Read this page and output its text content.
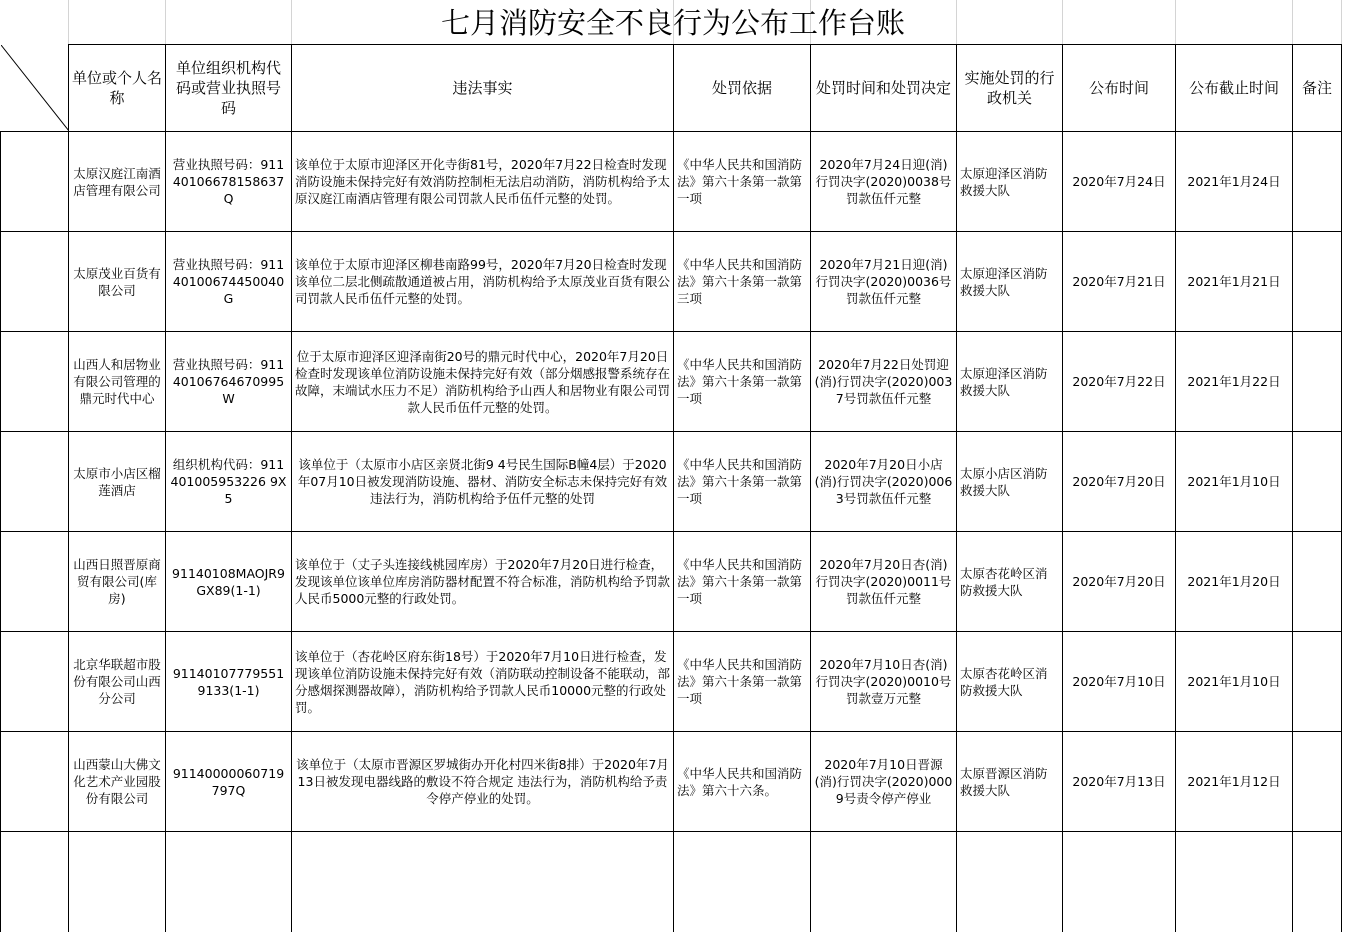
七月消防安全不良行为公布工作台账
	单位或个人名称	单位组织机构代码或营业执照号码	违法事实	处罚依据	处罚时间和处罚决定	实施处罚的行政机关	公布时间	公布截止时间	备注
	太原汉庭江南酒店管理有限公司	营业执照号码：91140106678158637Q	该单位于太原市迎泽区开化寺街81号，2020年7月22日检查时发现消防设施未保持完好有效消防控制柜无法启动消防，消防机构给予太原汉庭江南酒店管理有限公司罚款人民币伍仟元整的处罚。	《中华人民共和国消防法》第六十条第一款第一项	2020年7月24日迎(消)行罚决字(2020)0038号罚款伍仟元整	太原迎泽区消防救援大队	2020年7月24日	2021年1月24日	
	太原茂业百货有限公司	营业执照号码：91140100674450040G	该单位于太原市迎泽区柳巷南路99号，2020年7月20日检查时发现该单位二层北侧疏散通道被占用，消防机构给予太原茂业百货有限公司罚款人民币伍仟元整的处罚。	《中华人民共和国消防法》第六十条第一款第三项	2020年7月21日迎(消)行罚决字(2020)0036号罚款伍仟元整	太原迎泽区消防救援大队	2020年7月21日	2021年1月21日	
	山西人和居物业有限公司管理的鼎元时代中心	营业执照号码：91140106764670995W	位于太原市迎泽区迎泽南街20号的鼎元时代中心，2020年7月20日检查时发现该单位消防设施未保持完好有效（部分烟感报警系统存在故障，末端试水压力不足）消防机构给予山西人和居物业有限公司罚款人民币伍仟元整的处罚。	《中华人民共和国消防法》第六十条第一款第一项	2020年7月22日处罚迎(消)行罚决字(2020)0037号罚款伍仟元整	太原迎泽区消防救援大队	2020年7月22日	2021年1月22日	
	太原市小店区榴莲酒店	组织机构代码：911401005953226 9X5	该单位于（太原市小店区亲贤北街9 4号民生国际B幢4层）于2020年07月10日被发现消防设施、器材、消防安全标志未保持完好有效违法行为，消防机构给予伍仟元整的处罚	《中华人民共和国消防法》第六十条第一款第一项	2020年7月20日小店(消)行罚决字(2020)0063号罚款伍仟元整	太原小店区消防救援大队	2020年7月20日	2021年1月10日	
	山西日照晋原商贸有限公司(库房)	91140108MAOJR9GX89(1-1)	该单位于（丈子头连接线桃园库房）于2020年7月20日进行检查，发现该单位该单位库房消防器材配置不符合标准，消防机构给予罚款人民币5000元整的行政处罚。	《中华人民共和国消防法》第六十条第一款第一项	2020年7月20日杏(消)行罚决字(2020)0011号罚款伍仟元整	太原杏花岭区消防救援大队	2020年7月20日	2021年1月20日	
	北京华联超市股份有限公司山西分公司	911401077795519133(1-1)	该单位于（杏花岭区府东街18号）于2020年7月10日进行检查，发现该单位消防设施未保持完好有效（消防联动控制设备不能联动，部分感烟探测器故障），消防机构给予罚款人民币10000元整的行政处罚。	《中华人民共和国消防法》第六十条第一款第一项	2020年7月10日杏(消)行罚决字(2020)0010号罚款壹万元整	太原杏花岭区消防救援大队	2020年7月10日	2021年1月10日	
	山西蒙山大佛文化艺术产业园股份有限公司	91140000060719797Q	该单位于（太原市晋源区罗城街办开化村四米街8排）于2020年7月13日被发现电器线路的敷设不符合规定 违法行为，消防机构给予责令停产停业的处罚。	《中华人民共和国消防法》第六十六条。	2020年7月10日晋源(消)行罚决字(2020)0009号责令停产停业	太原晋源区消防救援大队	2020年7月13日	2021年1月12日	
